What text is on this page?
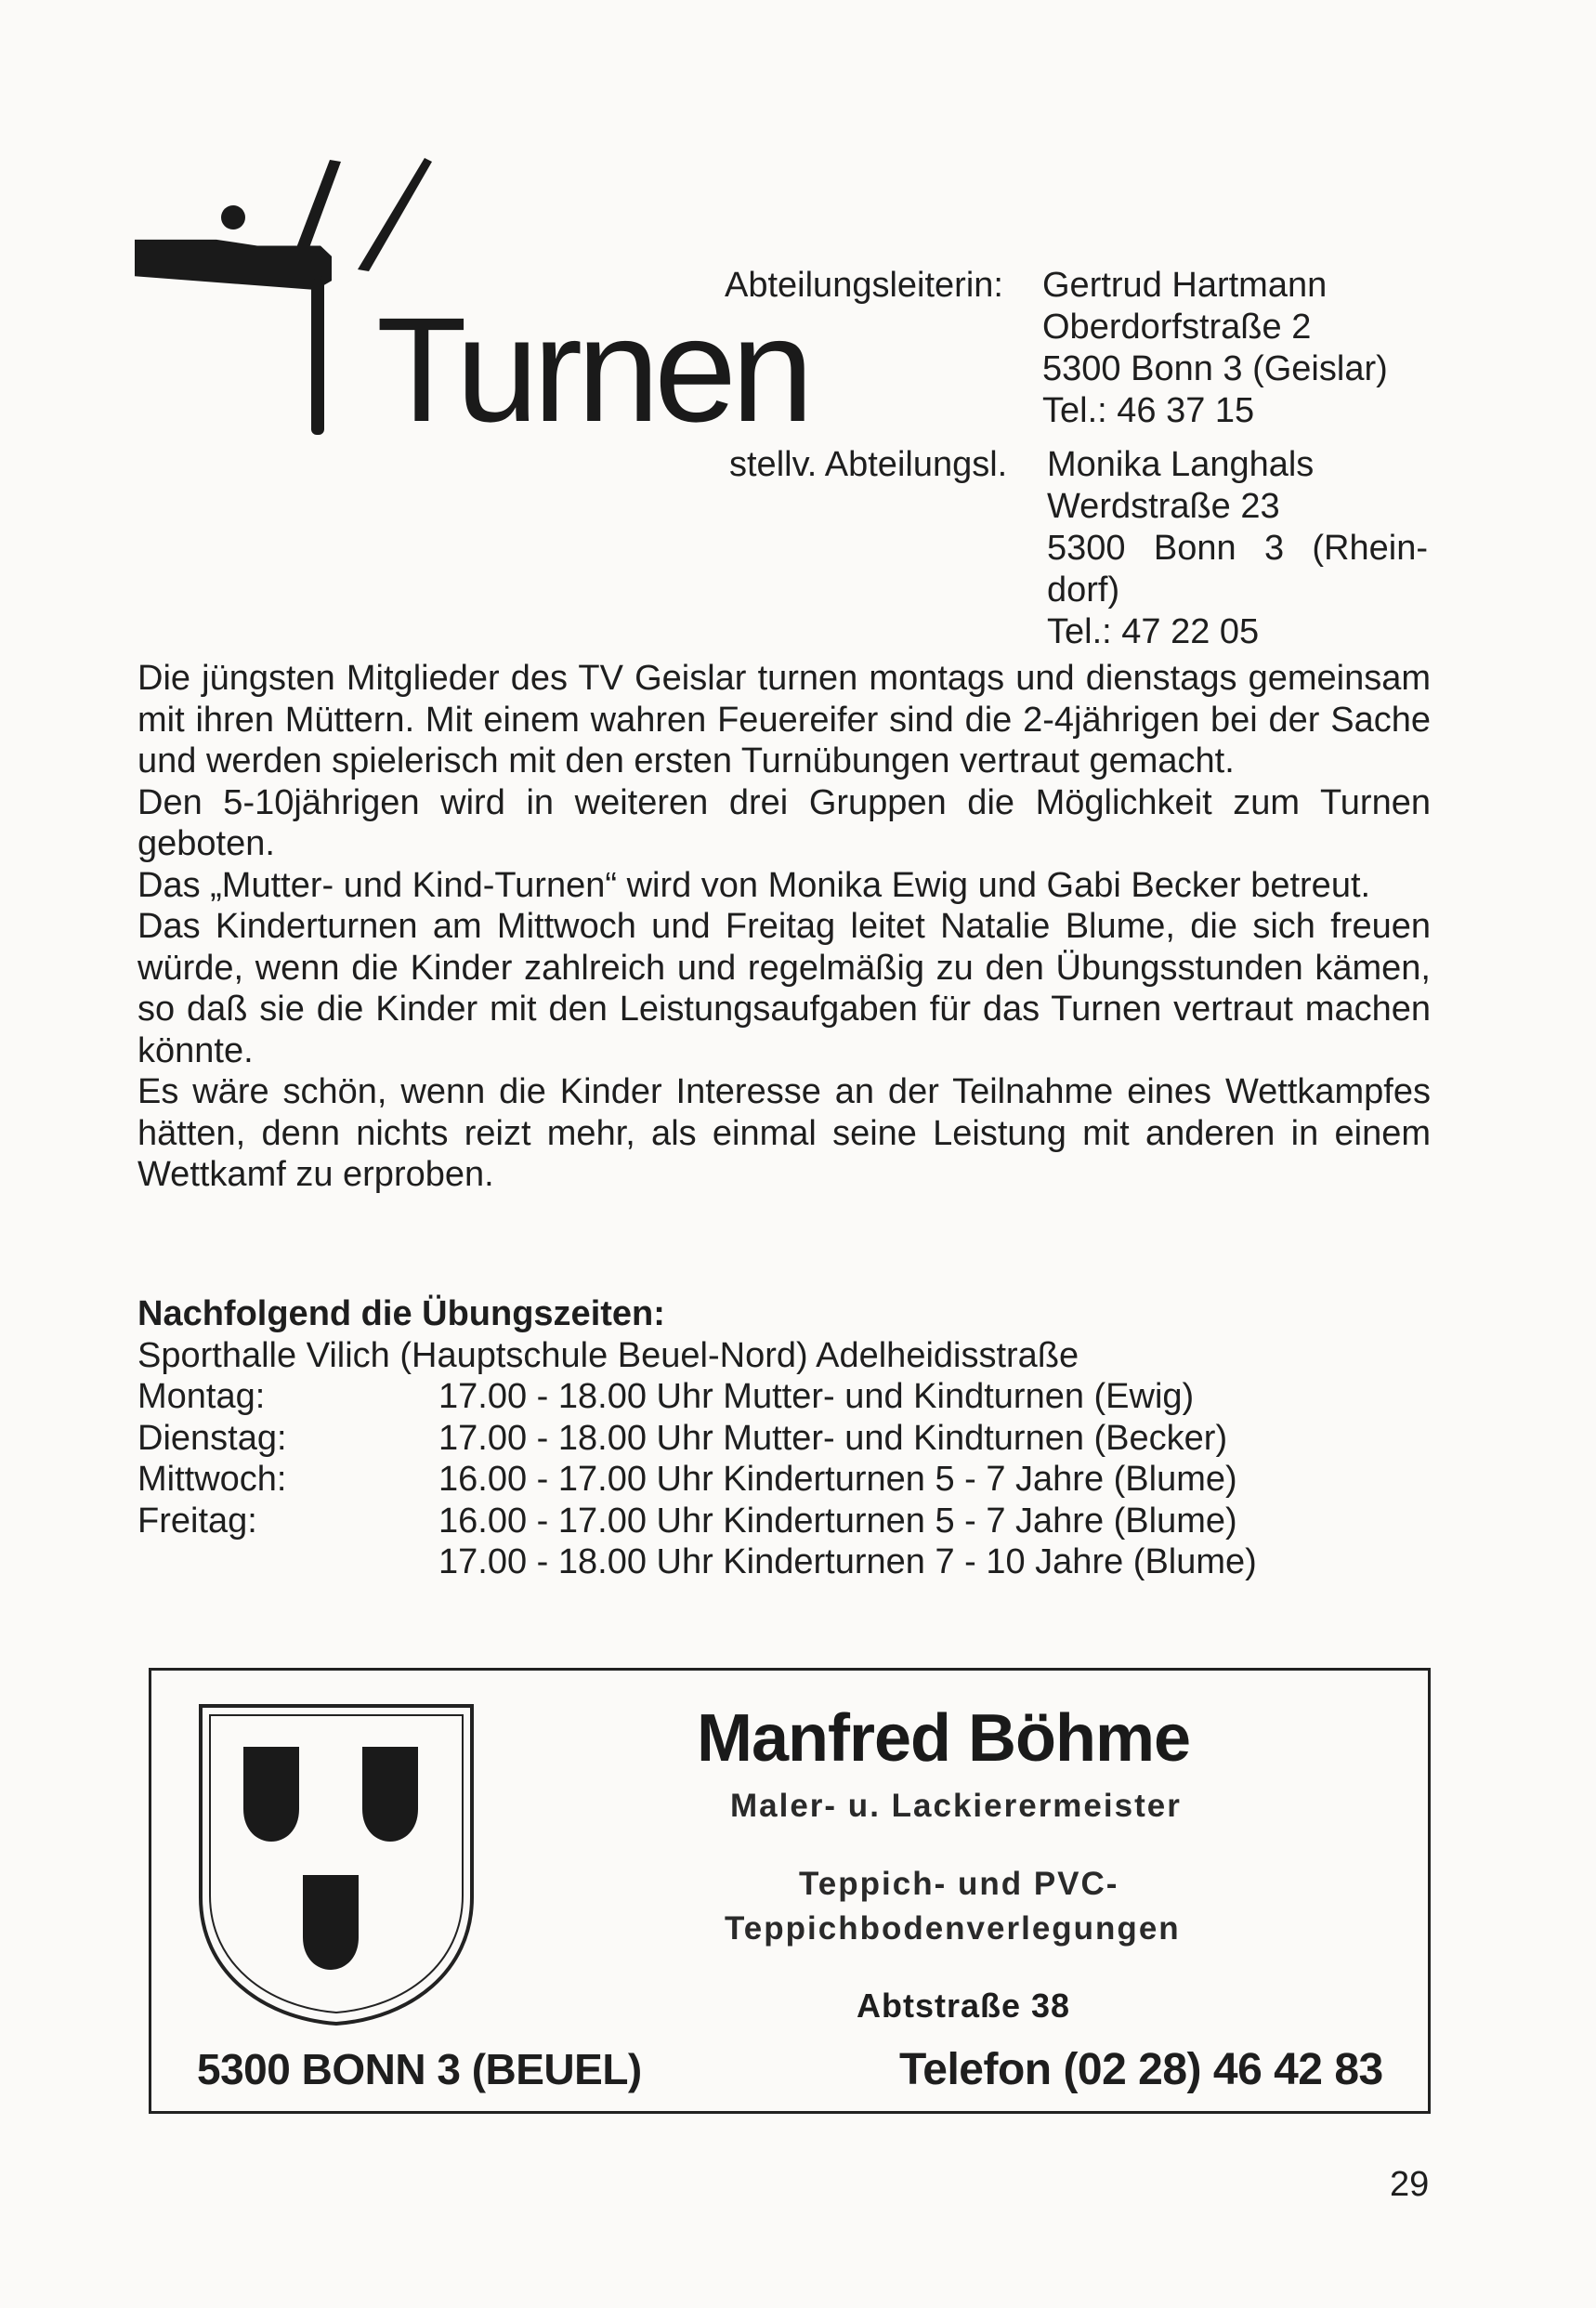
Turnen
Abteilungsleiterin: Gertrud Hartmann
Oberdorfstraße 2
5300 Bonn 3 (Geislar)
Tel.: 46 37 15
stellv. Abteilungsl. Monika Langhals
Werdstraße 23
5300 Bonn 3 (Rhein-
dorf)
Tel.: 47 22 05

Die jüngsten Mitglieder des TV Geislar turnen montags und dienstags gemeinsam mit ihren Müttern. Mit einem wahren Feuereifer sind die 2-4jährigen bei der Sache und werden spielerisch mit den ersten Turnübungen vertraut gemacht.

Den 5-10jährigen wird in weiteren drei Gruppen die Möglichkeit zum Turnen geboten.

Das „Mutter- und Kind-Turnen“ wird von Monika Ewig und Gabi Becker betreut.

Das Kinderturnen am Mittwoch und Freitag leitet Natalie Blume, die sich freuen würde, wenn die Kinder zahlreich und regelmäßig zu den Übungsstunden kämen, so daß sie die Kinder mit den Leistungsaufgaben für das Turnen vertraut machen könnte.

Es wäre schön, wenn die Kinder Interesse an der Teilnahme eines Wettkampfes hätten, denn nichts reizt mehr, als einmal seine Leistung mit anderen in einem Wettkamf zu erproben.

Nachfolgend die Übungszeiten:
Sporthalle Vilich (Hauptschule Beuel-Nord) Adelheidisstraße
Montag:	17.00 - 18.00 Uhr Mutter- und Kindturnen (Ewig)
Dienstag:	17.00 - 18.00 Uhr Mutter- und Kindturnen (Becker)
Mittwoch:	16.00 - 17.00 Uhr Kinderturnen 5 - 7 Jahre (Blume)
Freitag:	16.00 - 17.00 Uhr Kinderturnen 5 - 7 Jahre (Blume)
17.00 - 18.00 Uhr Kinderturnen 7 - 10 Jahre (Blume)
Manfred Böhme
Maler- u. Lackierermeister
Teppich- und PVC-
Teppichbodenverlegungen
Abtstraße 38
5300 BONN 3 (BEUEL)	Telefon (02 28) 46 42 83
29
